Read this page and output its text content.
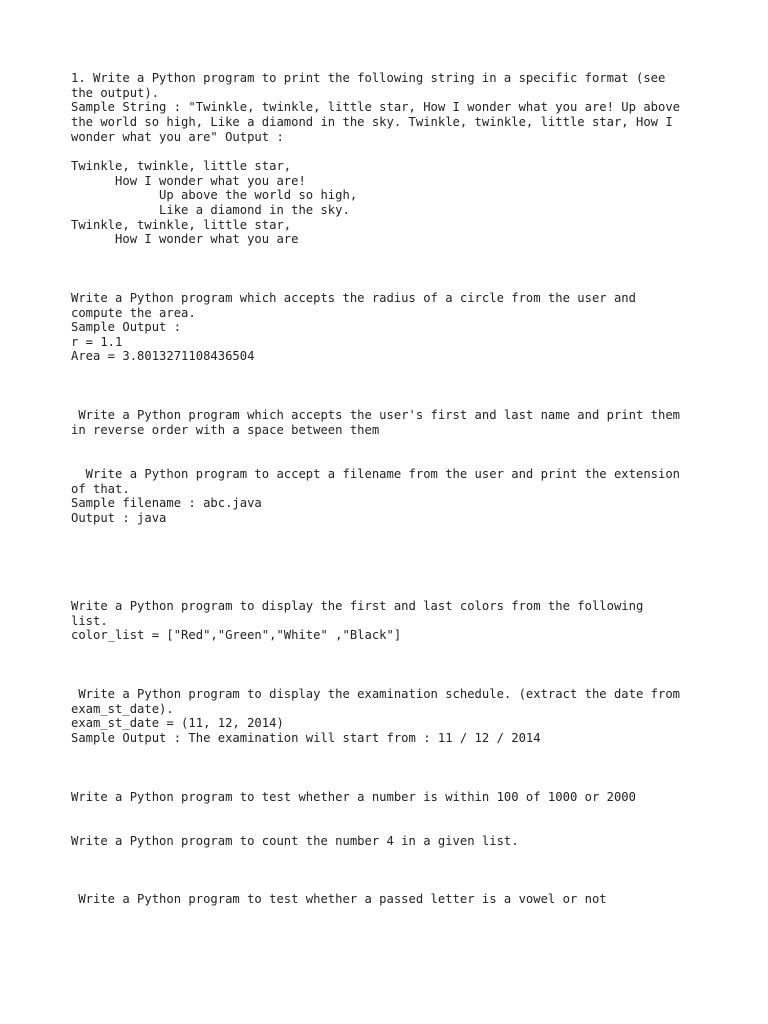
1. Write a Python program to print the following string in a specific format (see

the output).

Sample String : "Twinkle, twinkle, little star, How I wonder what you are! Up above

the world so high, Like a diamond in the sky. Twinkle, twinkle, little star, How I

wonder what you are" Output :

Twinkle, twinkle, little star,

How I wonder what you are!

Up above the world so high,

Like a diamond in the sky.

Twinkle, twinkle, little star,

How I wonder what you are

Write a Python program which accepts the radius of a circle from the user and

compute the area.

Sample Output :

r = 1.1

Area = 3.8013271108436504

Write a Python program which accepts the user's first and last name and print them

in reverse order with a space between them

Write a Python program to accept a filename from the user and print the extension

of that.

Sample filename : abc.java

Output : java

Write a Python program to display the first and last colors from the following

list.

color_list = ["Red","Green","White" ,"Black"]

Write a Python program to display the examination schedule. (extract the date from

exam_st_date).

exam_st_date = (11, 12, 2014)

Sample Output : The examination will start from : 11 / 12 / 2014

Write a Python program to test whether a number is within 100 of 1000 or 2000

Write a Python program to count the number 4 in a given list.

Write a Python program to test whether a passed letter is a vowel or not
